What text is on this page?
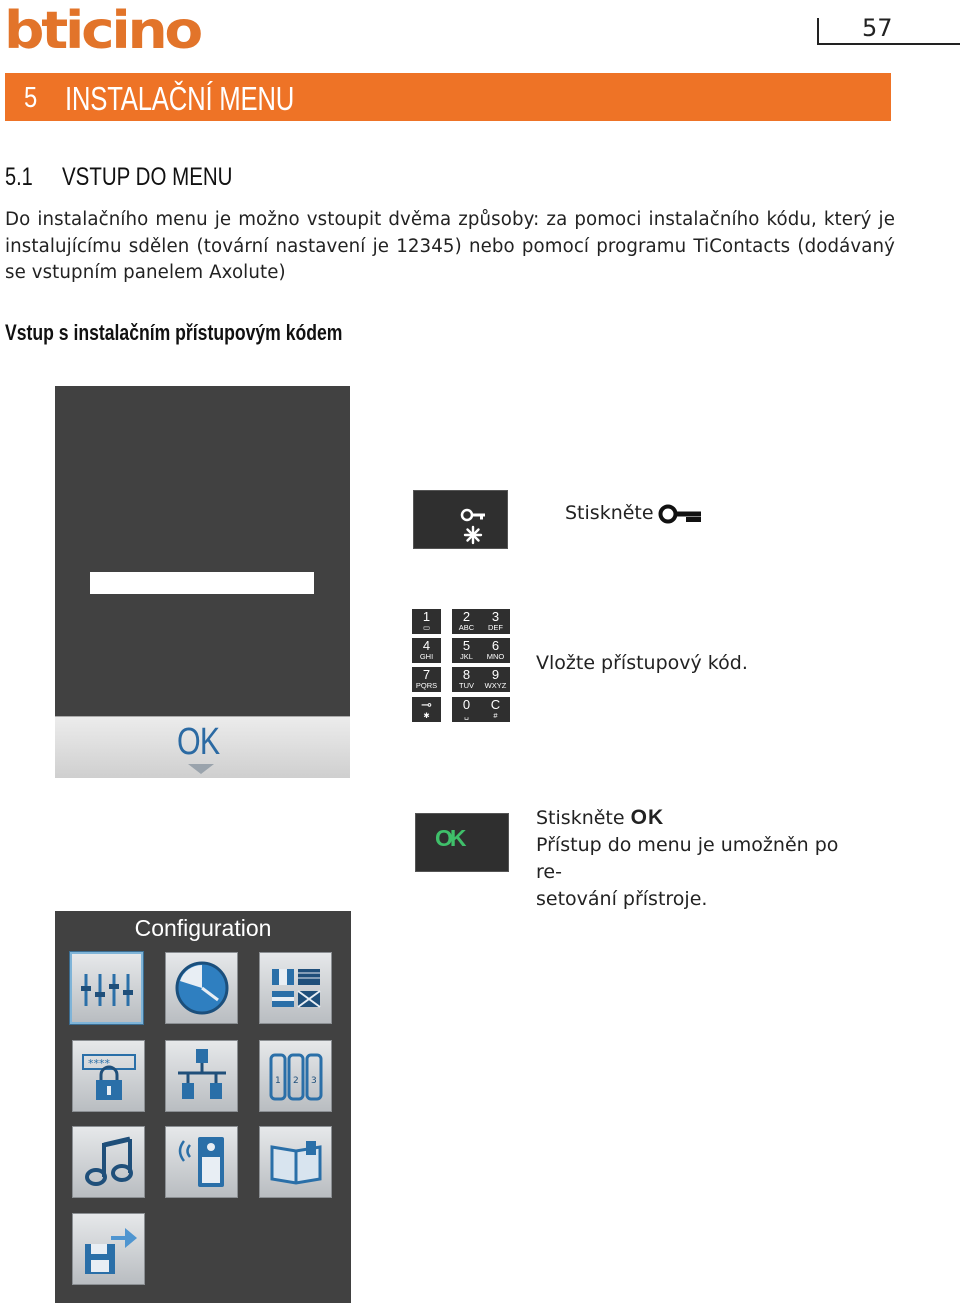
bticino	57
5 INSTALAČNÍ MENU
5.1 VSTUP DO MENU

Do instalačního menu je možno vstoupit dvěma způsoby: za pomoci instalačního kódu, který je instalujícímu sdělen (tovární nastavení je 12345) nebo pomocí programu TiContacts (dodávaný se vstupním panelem Axolute)

Vstup s instalačním přístupovým kódem
OK
Stiskněte
1
▭
2
ABC
3
DEF
4
GHI
5
JKL
6
MNO
7
PQRS
8
TUV
9
WXYZ
⊸
✱
0
␣
C
#
Vložte přístupový kód.
OK
Stiskněte OK
Přístup do menu je umožněn po re-
setování přístroje.
Configuration
****
1 2 3
